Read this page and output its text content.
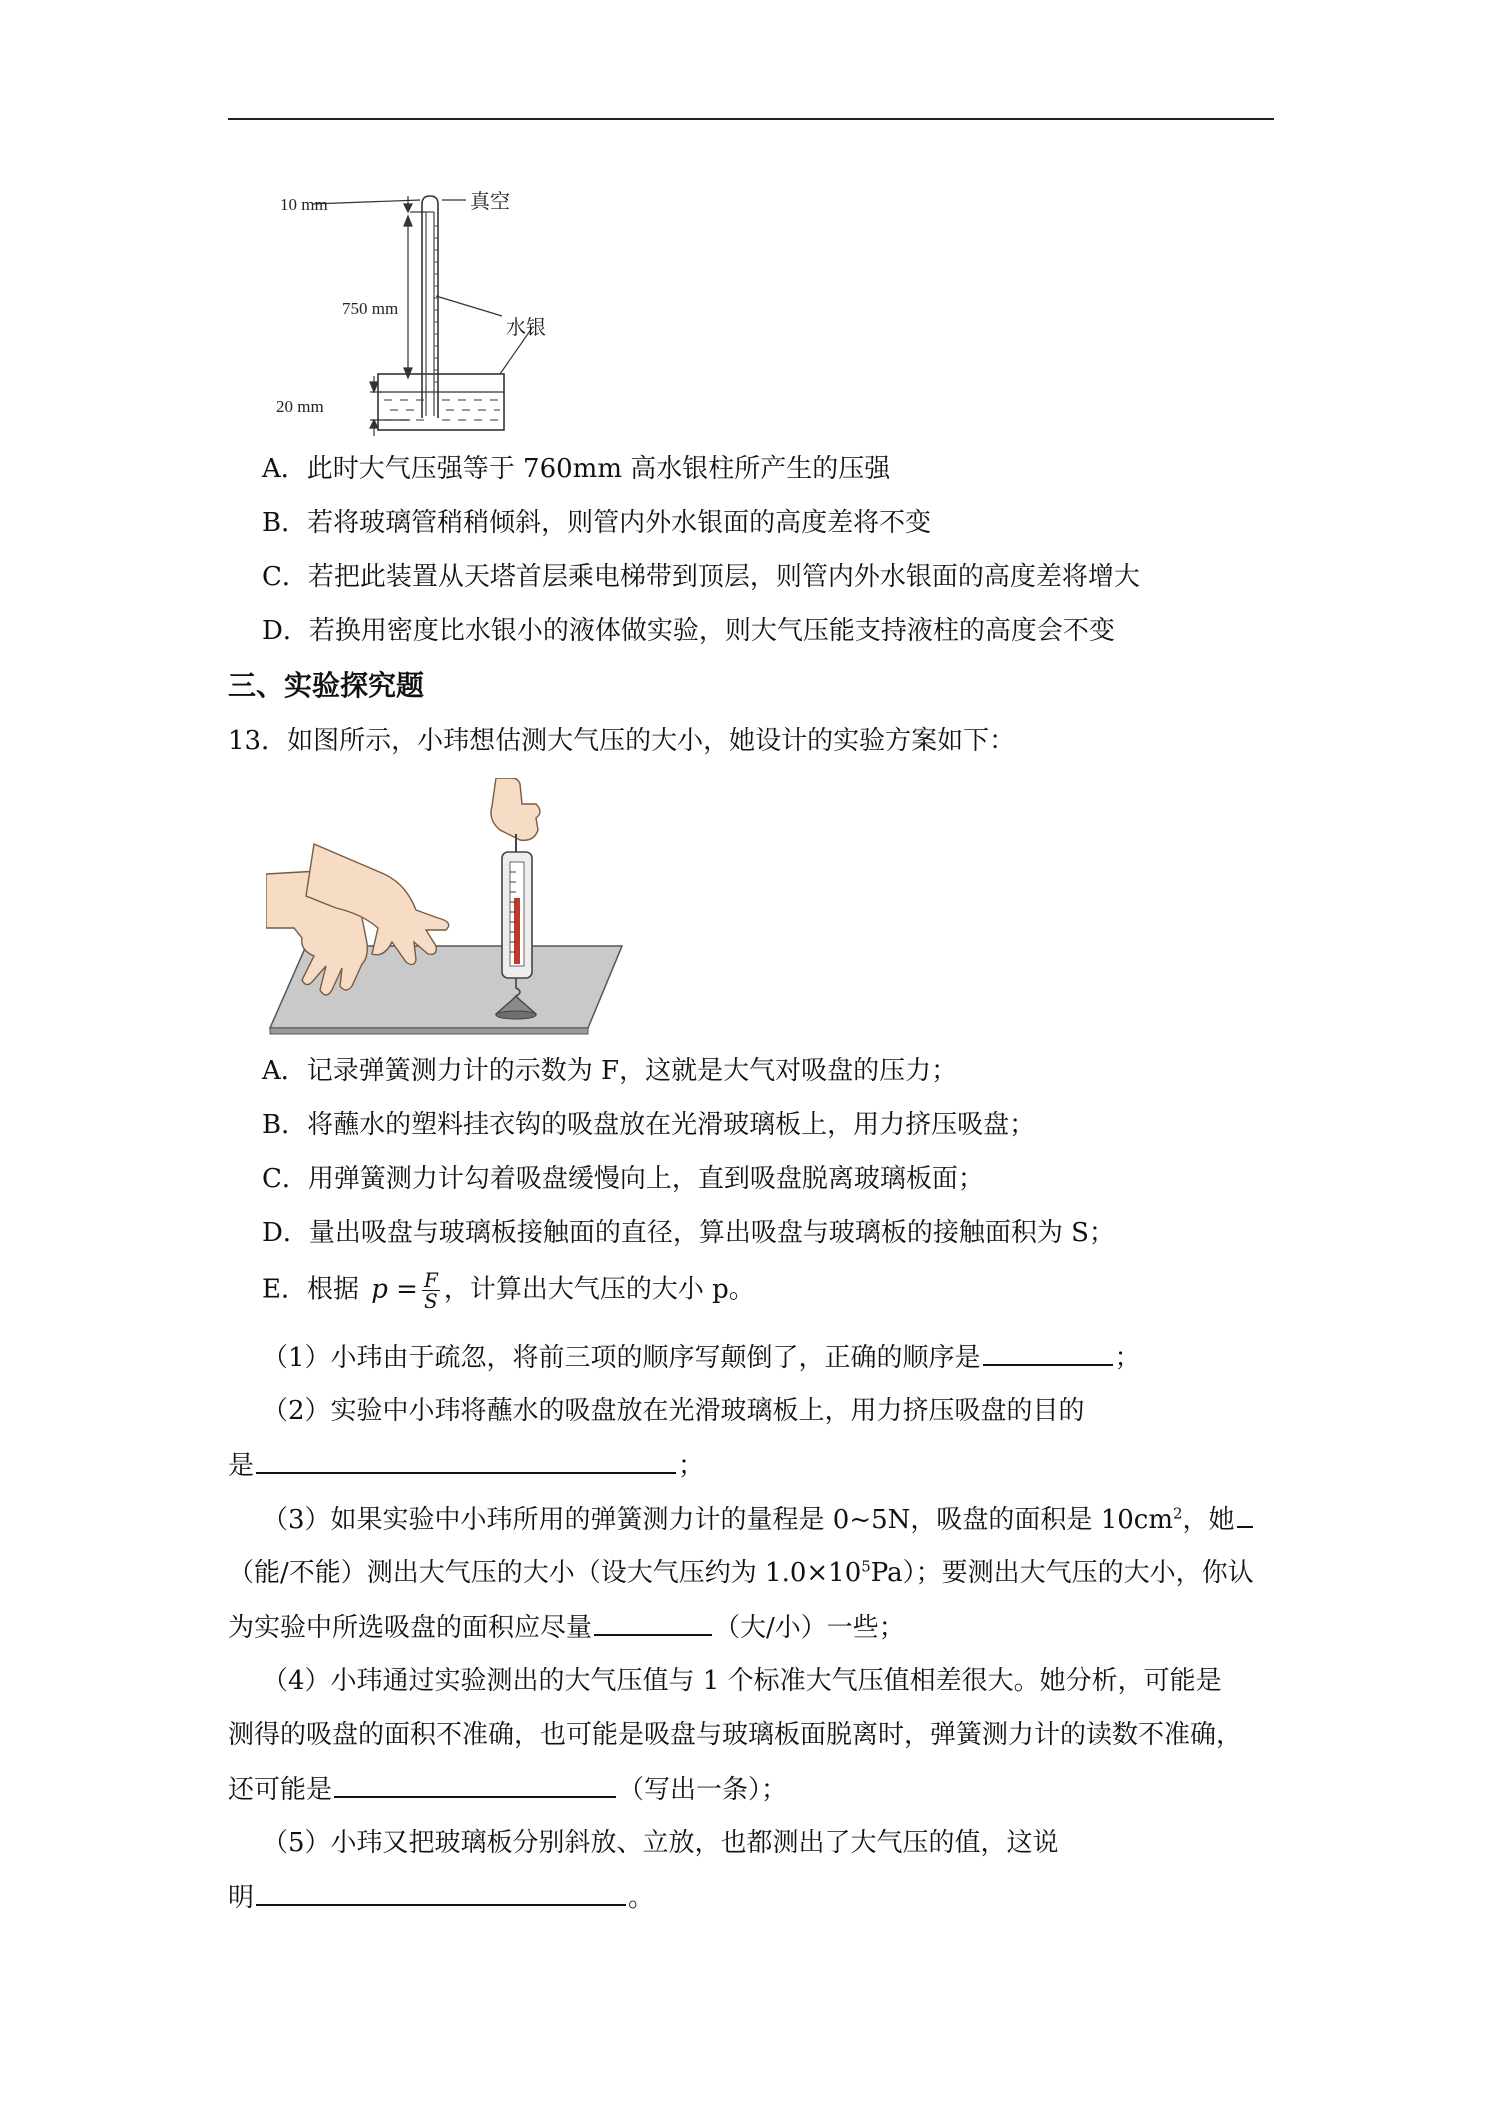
10 mm
750 mm
20 mm
真空
水银
A．此时大气压强等于 760mm 高水银柱所产生的压强
B．若将玻璃管稍稍倾斜，则管内外水银面的高度差将不变
C．若把此装置从天塔首层乘电梯带到顶层，则管内外水银面的高度差将增大
D．若换用密度比水银小的液体做实验，则大气压能支持液柱的高度会不变
三、实验探究题
13．如图所示，小玮想估测大气压的大小，她设计的实验方案如下：
A．记录弹簧测力计的示数为 F，这就是大气对吸盘的压力；
B．将蘸水的塑料挂衣钩的吸盘放在光滑玻璃板上，用力挤压吸盘；
C．用弹簧测力计勾着吸盘缓慢向上，直到吸盘脱离玻璃板面；
D．量出吸盘与玻璃板接触面的直径，算出吸盘与玻璃板的接触面积为 S；
E．根据 $p = \frac{F}{S}$ ，计算出大气压的大小 p。
（1）小玮由于疏忽，将前三项的顺序写颠倒了，正确的顺序是	；
（2）实验中小玮将蘸水的吸盘放在光滑玻璃板上，用力挤压吸盘的目的
是	；
（3）如果实验中小玮所用的弹簧测力计的量程是 0~5N，吸盘的面积是 $10cm^2$，她
（能/不能）测出大气压的大小（设大气压约为 $1.0\times 10^5Pa$）；要测出大气压的大小，你认
为实验中所选吸盘的面积应尽量	（大/小）一些；
（4）小玮通过实验测出的大气压值与 1 个标准大气压值相差很大。她分析，可能是
测得的吸盘的面积不准确，也可能是吸盘与玻璃板面脱离时，弹簧测力计的读数不准确，
还可能是	（写出一条）；
（5）小玮又把玻璃板分别斜放、立放，也都测出了大气压的值，这说
明	。
